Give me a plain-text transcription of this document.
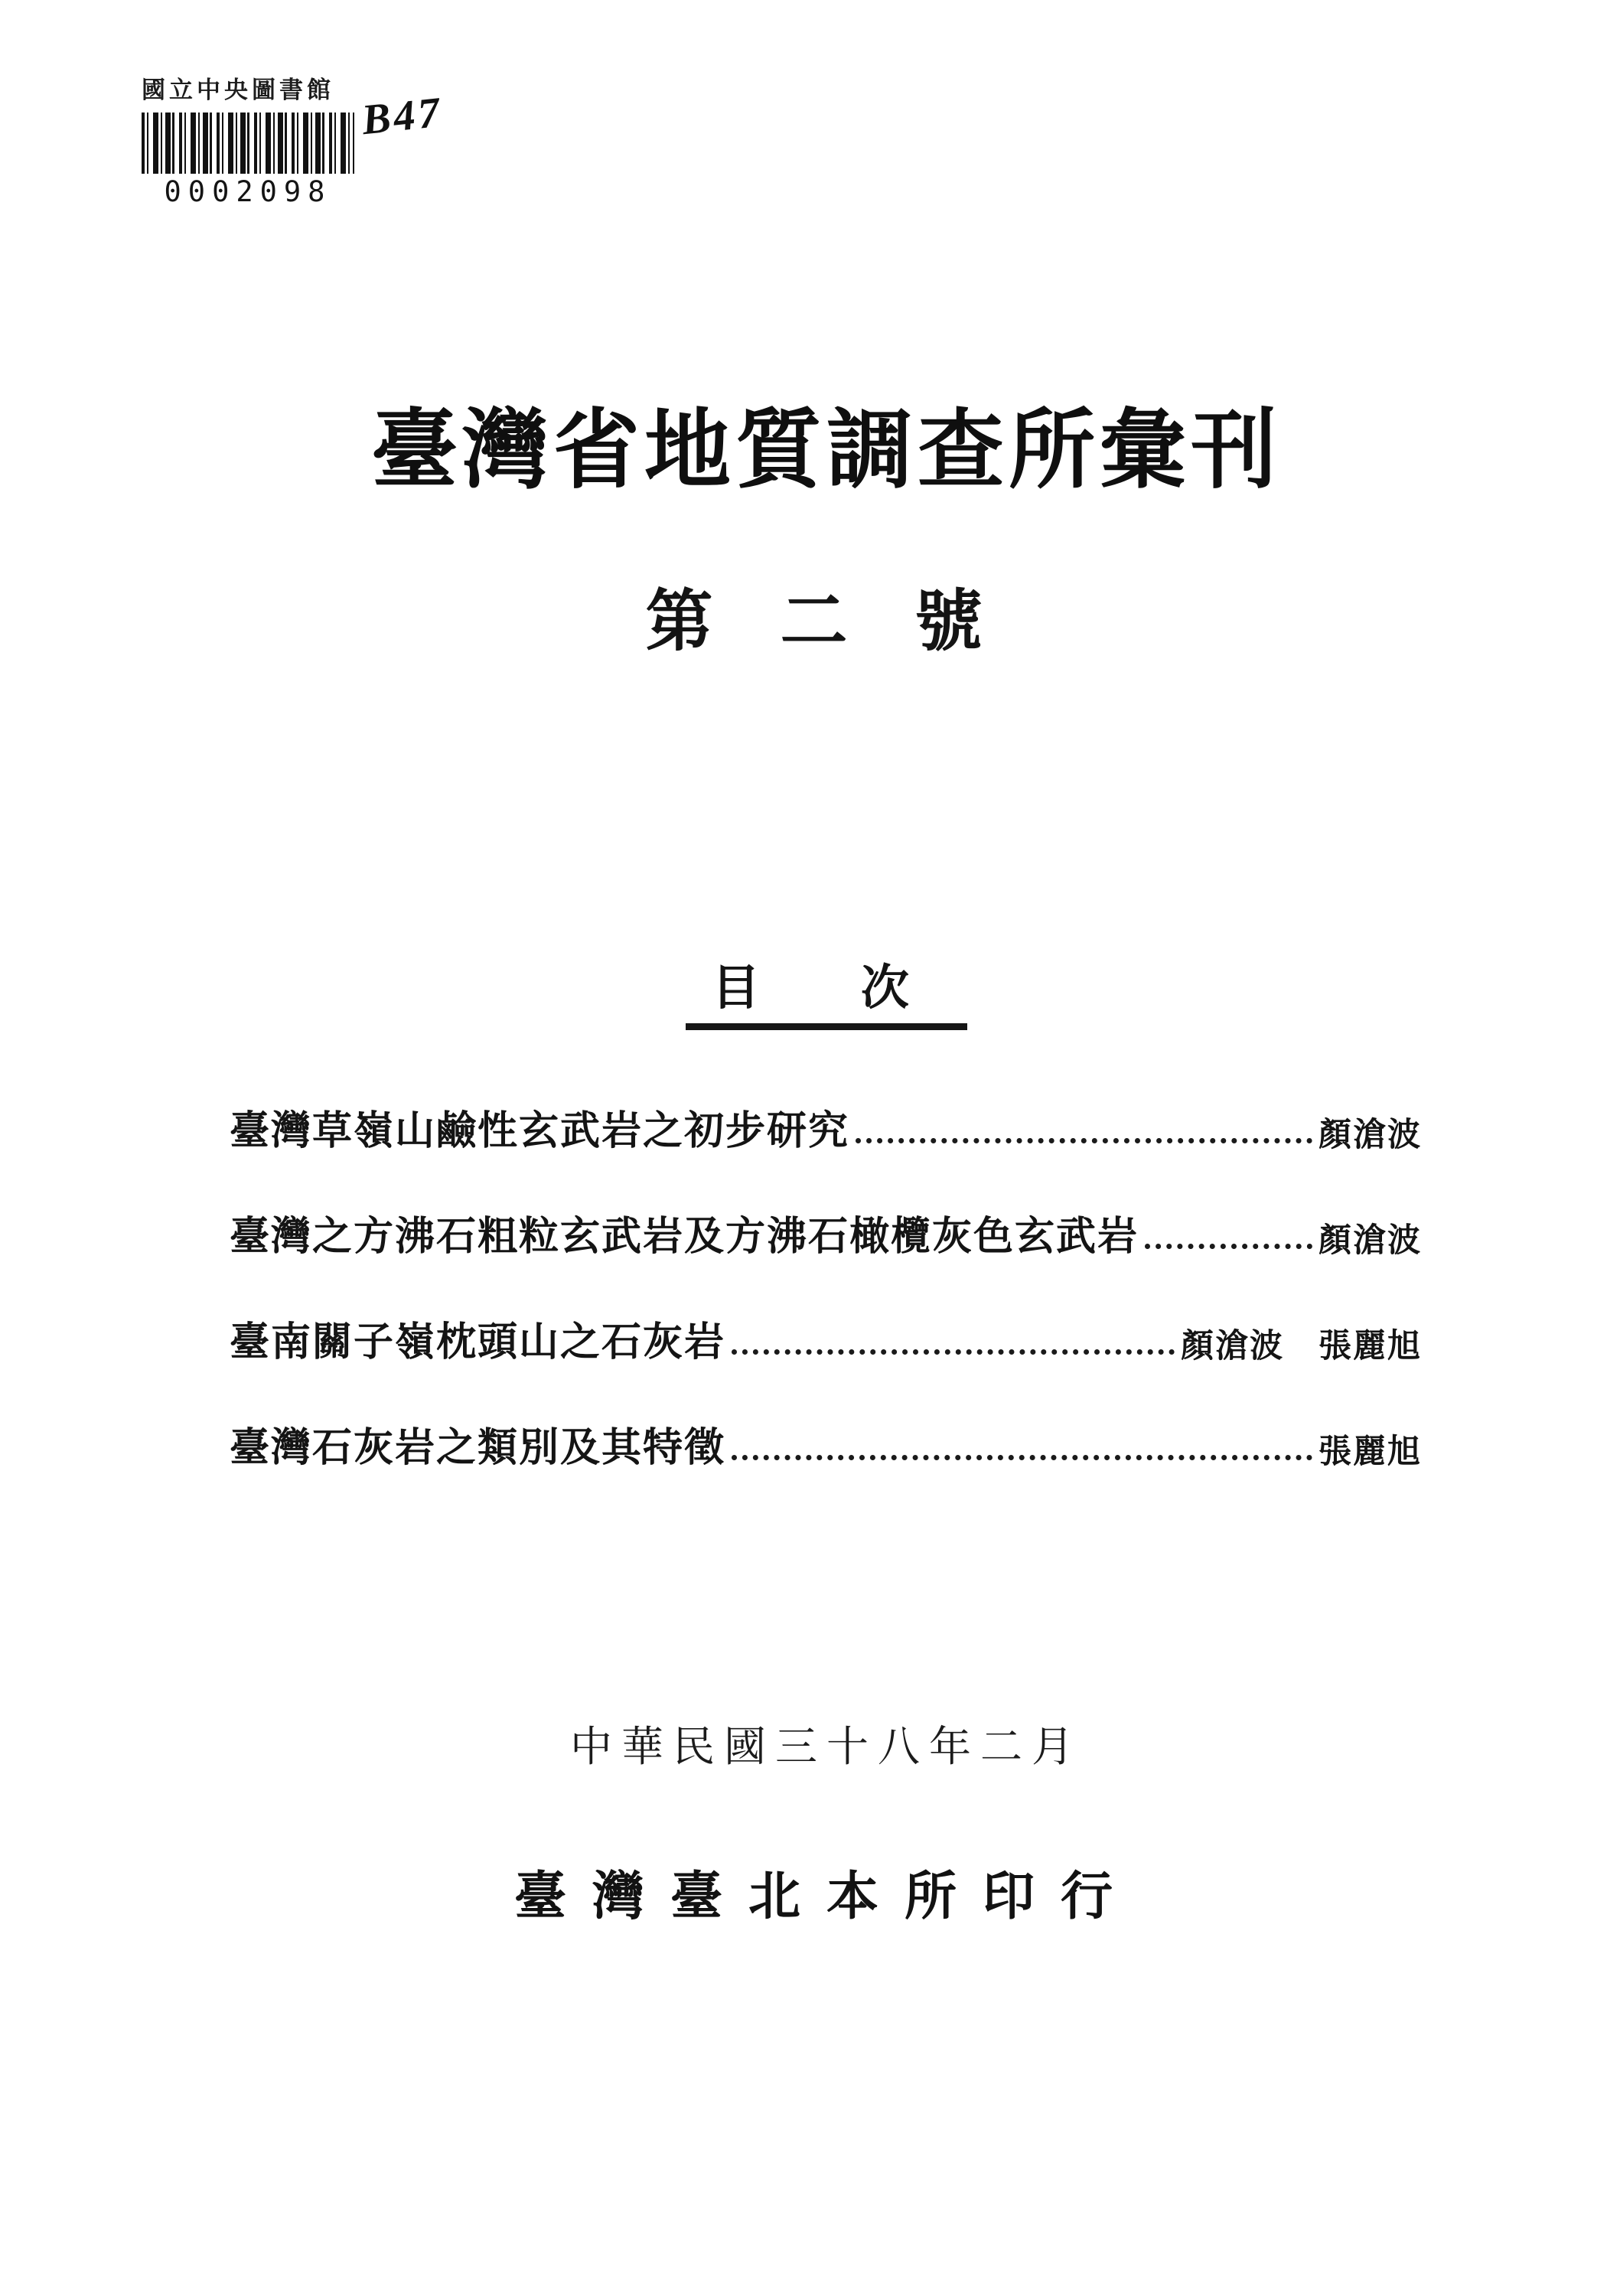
國立中央圖書館
0002098
B47
臺灣省地質調查所彙刊
第 二 號
目 次
臺灣草嶺山鹼性玄武岩之初步研究	顏滄波
臺灣之方沸石粗粒玄武岩及方沸石橄欖灰色玄武岩	顏滄波
臺南關子嶺枕頭山之石灰岩	顏滄波　張麗旭
臺灣石灰岩之類別及其特徵	張麗旭
中華民國三十八年二月
臺灣臺北本所印行
